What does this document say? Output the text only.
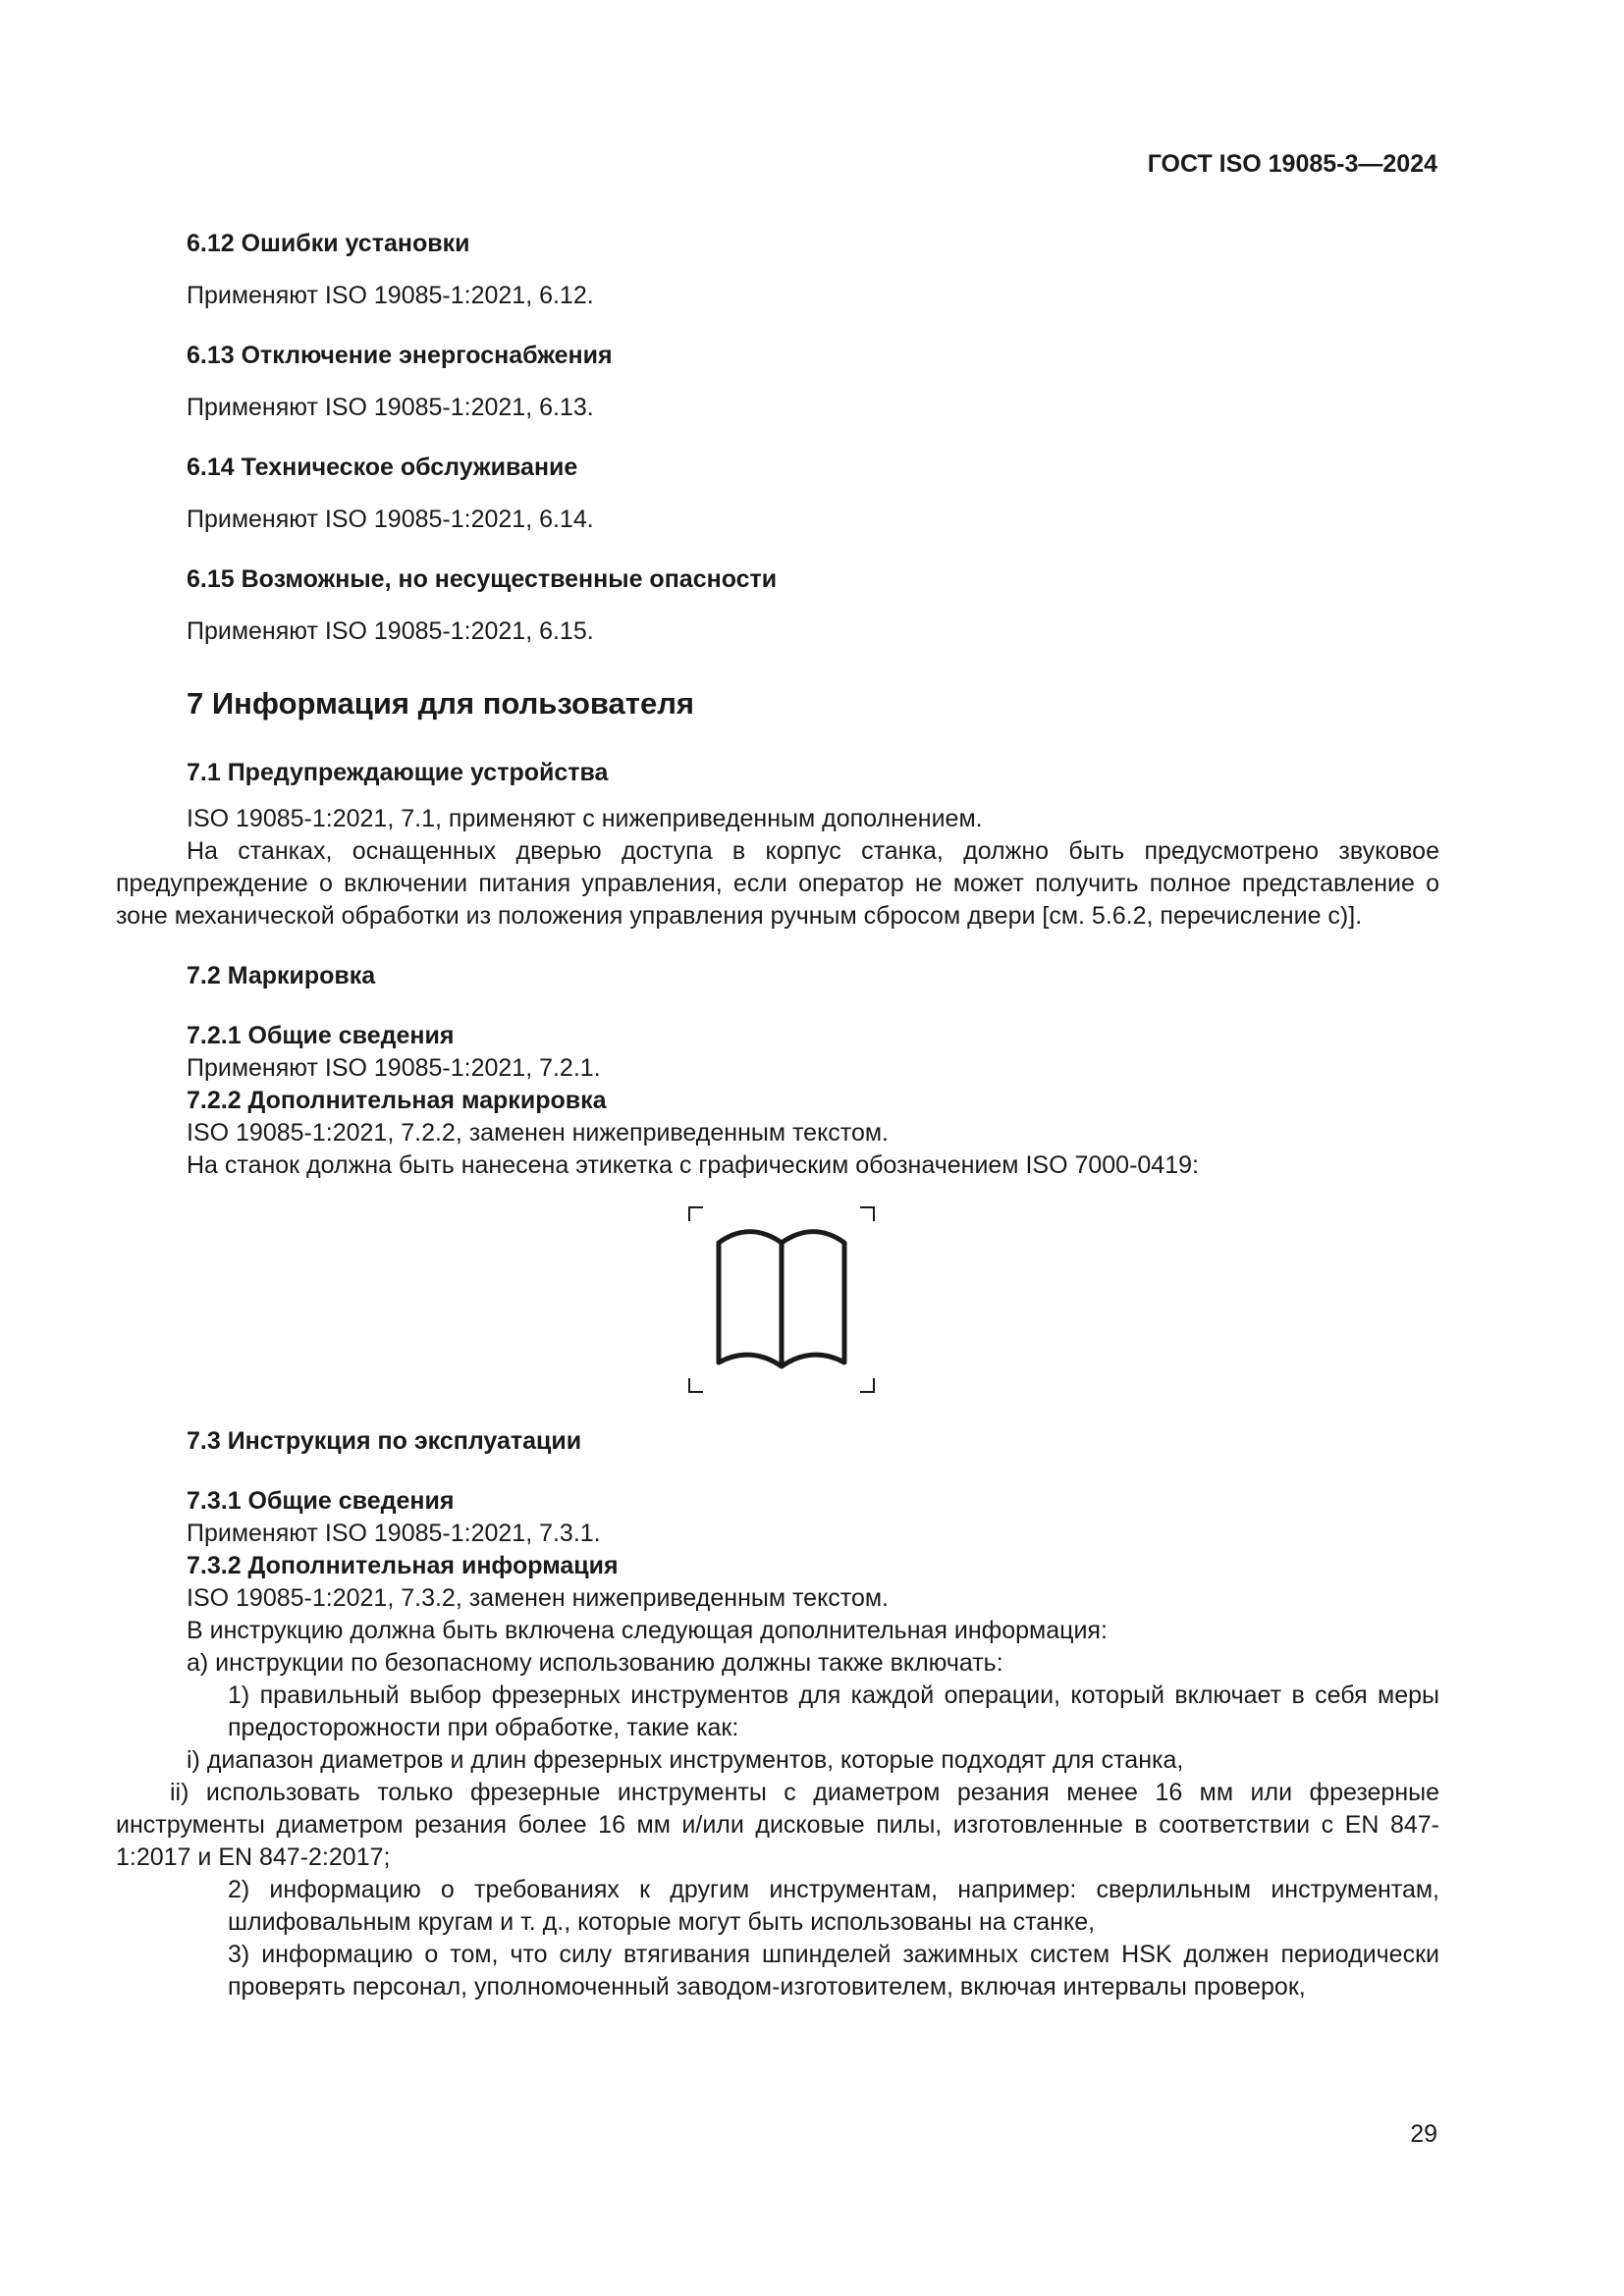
ГОСТ ISO 19085-3—2024
6.12 Ошибки установки
Применяют ISO 19085-1:2021, 6.12.
6.13 Отключение энергоснабжения
Применяют ISO 19085-1:2021, 6.13.
6.14 Техническое обслуживание
Применяют ISO 19085-1:2021, 6.14.
6.15 Возможные, но несущественные опасности
Применяют ISO 19085-1:2021, 6.15.
7 Информация для пользователя
7.1 Предупреждающие устройства
ISO 19085-1:2021, 7.1, применяют с нижеприведенным дополнением.
На станках, оснащенных дверью доступа в корпус станка, должно быть предусмотрено звуковое предупреждение о включении питания управления, если оператор не может получить полное представление о зоне механической обработки из положения управления ручным сбросом двери [см. 5.6.2, перечисление с)].
7.2 Маркировка
7.2.1 Общие сведения
Применяют ISO 19085-1:2021, 7.2.1.
7.2.2 Дополнительная маркировка
ISO 19085-1:2021, 7.2.2, заменен нижеприведенным текстом.
На станок должна быть нанесена этикетка с графическим обозначением ISO 7000-0419:
7.3 Инструкция по эксплуатации
7.3.1 Общие сведения
Применяют ISO 19085-1:2021, 7.3.1.
7.3.2 Дополнительная информация
ISO 19085-1:2021, 7.3.2, заменен нижеприведенным текстом.
В инструкцию должна быть включена следующая дополнительная информация:
а) инструкции по безопасному использованию должны также включать:
1) правильный выбор фрезерных инструментов для каждой операции, который включает в себя меры предосторожности при обработке, такие как:
i) диапазон диаметров и длин фрезерных инструментов, которые подходят для станка,
ii) использовать только фрезерные инструменты с диаметром резания менее 16 мм или фрезерные инструменты диаметром резания более 16 мм и/или дисковые пилы, изготовленные в соответствии с EN 847-1:2017 и EN 847-2:2017;
2) информацию о требованиях к другим инструментам, например: сверлильным инструментам, шлифовальным кругам и т. д., которые могут быть использованы на станке,
3) информацию о том, что силу втягивания шпинделей зажимных систем HSK должен периодически проверять персонал, уполномоченный заводом-изготовителем, включая интервалы проверок,
29
